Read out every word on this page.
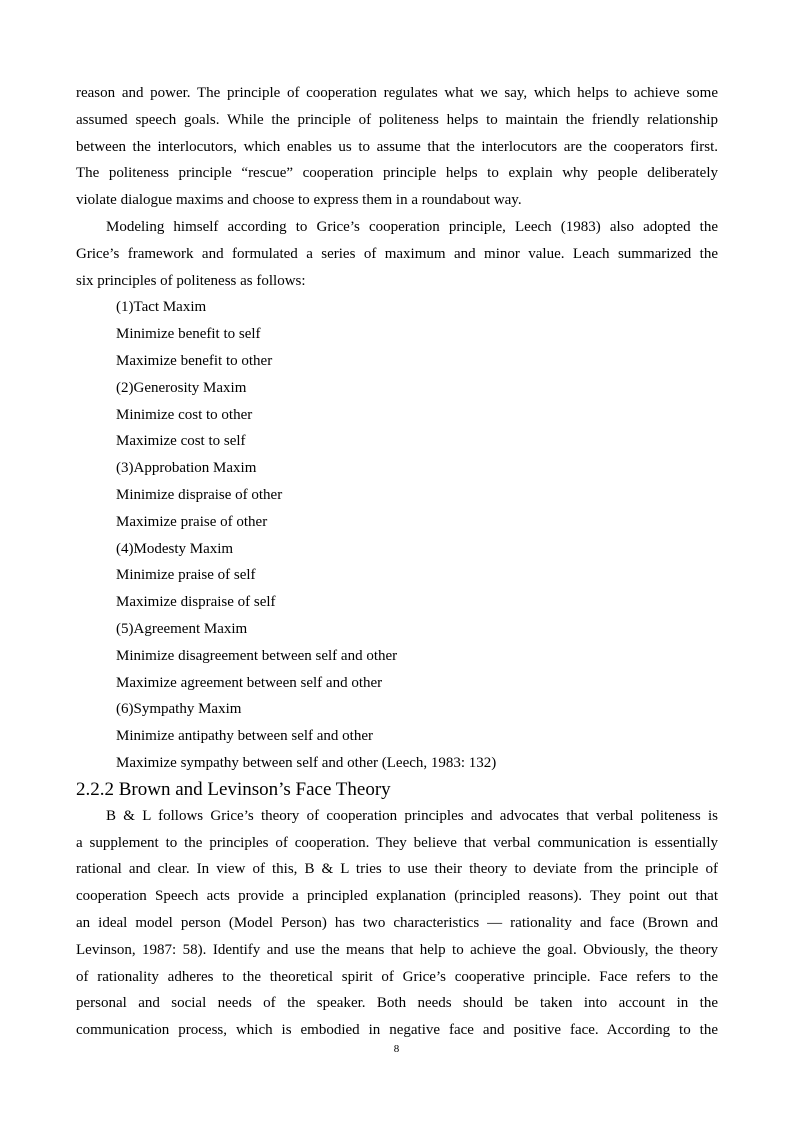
reason and power. The principle of cooperation regulates what we say, which helps to achieve some
assumed speech goals. While the principle of politeness helps to maintain the friendly relationship
between the interlocutors, which enables us to assume that the interlocutors are the cooperators first.
The politeness principle “rescue” cooperation principle helps to explain why people deliberately
violate dialogue maxims and choose to express them in a roundabout way.

Modeling himself according to Grice’s cooperation principle, Leech (1983) also adopted the
Grice’s framework and formulated a series of maximum and minor value. Leach summarized the
six principles of politeness as follows:

(1)Tact Maxim
Minimize benefit to self
Maximize benefit to other
(2)Generosity Maxim
Minimize cost to other
Maximize cost to self
(3)Approbation Maxim
Minimize dispraise of other
Maximize praise of other
(4)Modesty Maxim
Minimize praise of self
Maximize dispraise of self
(5)Agreement Maxim
Minimize disagreement between self and other
Maximize agreement between self and other
(6)Sympathy Maxim
Minimize antipathy between self and other
Maximize sympathy between self and other (Leech, 1983: 132)
2.2.2 Brown and Levinson’s Face Theory

B & L follows Grice’s theory of cooperation principles and advocates that verbal politeness is
a supplement to the principles of cooperation. They believe that verbal communication is essentially
rational and clear. In view of this, B & L tries to use their theory to deviate from the principle of
cooperation Speech acts provide a principled explanation (principled reasons). They point out that
an ideal model person (Model Person) has two characteristics — rationality and face (Brown and
Levinson, 1987: 58). Identify and use the means that help to achieve the goal. Obviously, the theory
of rationality adheres to the theoretical spirit of Grice’s cooperative principle. Face refers to the
personal and social needs of the speaker. Both needs should be taken into account in the
communication process, which is embodied in negative face and positive face. According to the

8
